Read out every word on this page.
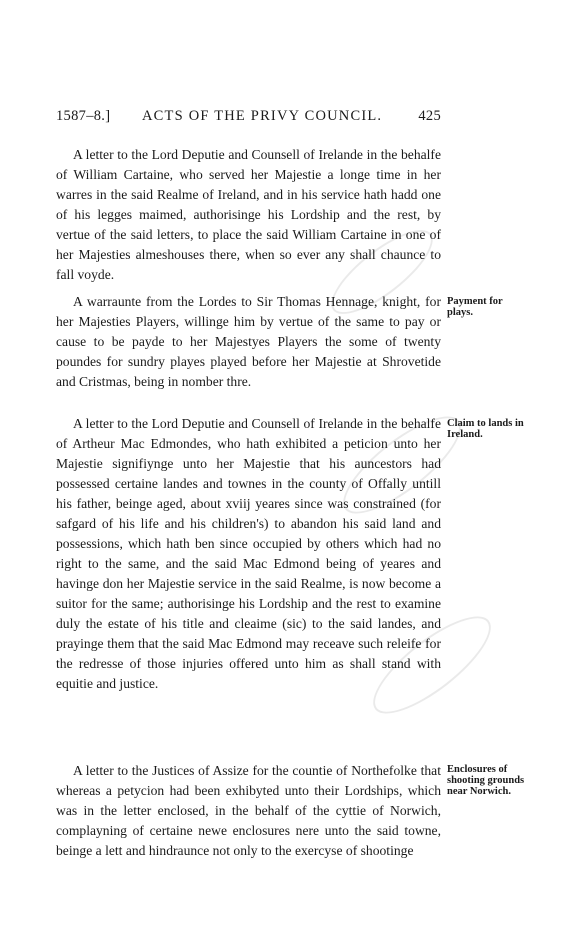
1587–8.] ACTS OF THE PRIVY COUNCIL. 425

A letter to the Lord Deputie and Counsell of Irelande in the behalfe of William Cartaine, who served her Majestie a longe time in her warres in the said Realme of Ireland, and in his service hath hadd one of his legges maimed, authorisinge his Lordship and the rest, by vertue of the said letters, to place the said William Cartaine in one of her Majesties almeshouses there, when so ever any shall chaunce to fall voyde.

A warraunte from the Lordes to Sir Thomas Hennage, knight, for her Majesties Players, willinge him by vertue of the same to pay or cause to be payde to her Majestyes Players the some of twenty poundes for sundry playes played before her Majestie at Shrovetide and Cristmas, being in nomber thre.

A letter to the Lord Deputie and Counsell of Irelande in the behalfe of Artheur Mac Edmondes, who hath exhibited a peticion unto her Majestie signifiynge unto her Majestie that his auncestors had possessed certaine landes and townes in the county of Offally untill his father, beinge aged, about xviij yeares since was constrained (for safgard of his life and his children's) to abandon his said land and possessions, which hath ben since occupied by others which had no right to the same, and the said Mac Edmond being of yeares and havinge don her Majestie service in the said Realme, is now become a suitor for the same; authorisinge his Lordship and the rest to examine duly the estate of his title and cleaime (sic) to the said landes, and prayinge them that the said Mac Edmond may receave such releife for the redresse of those injuries offered unto him as shall stand with equitie and justice.

A letter to the Justices of Assize for the countie of Northefolke that whereas a petycion had been exhibyted unto their Lordships, which was in the letter enclosed, in the behalf of the cyttie of Norwich, complayning of certaine newe enclosures nere unto the said towne, beinge a lett and hindraunce not only to the exercyse of shootinge

Payment for plays.
Claim to lands in Ireland.
Enclosures of shooting grounds near Norwich.
